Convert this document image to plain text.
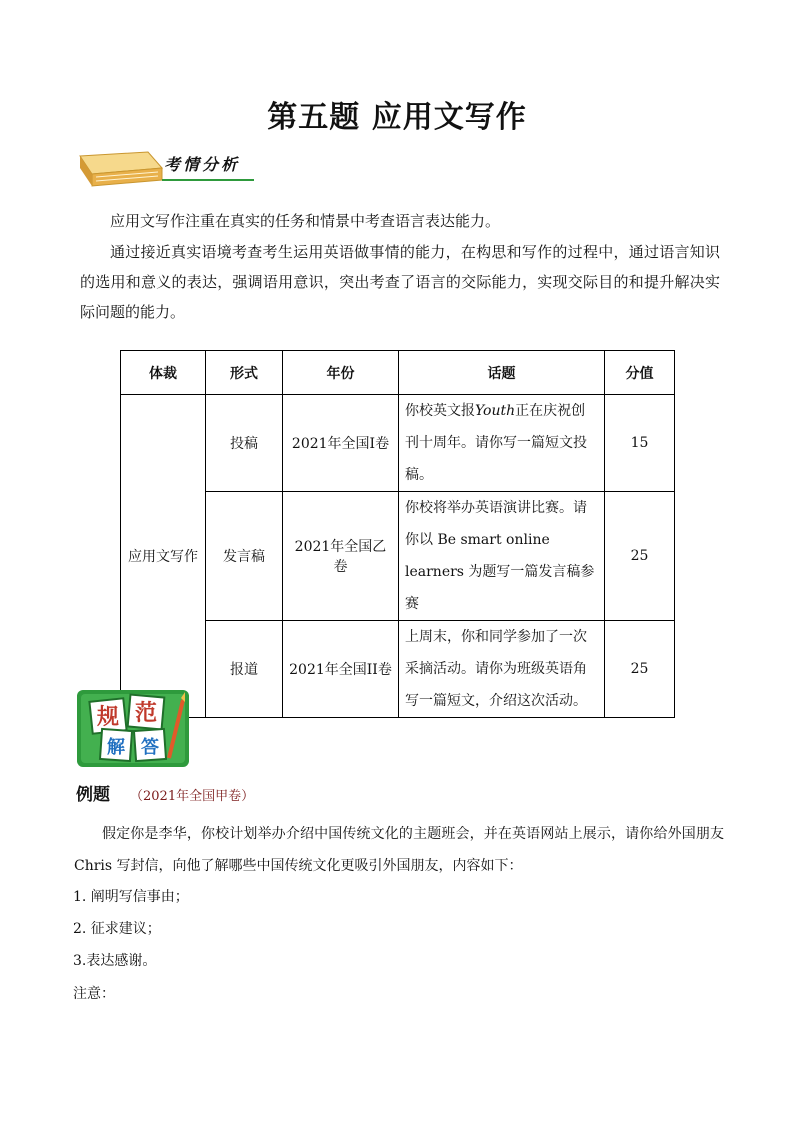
第五题 应用文写作
考情分析

应用文写作注重在真实的任务和情景中考查语言表达能力。

通过接近真实语境考查考生运用英语做事情的能力，在构思和写作的过程中，通过语言知识的选用和意义的表达，强调语用意识，突出考查了语言的交际能力，实现交际目的和提升解决实际问题的能力。

体裁	形式	年份	话题	分值
应用文写作	投稿	2021年全国I卷	你校英文报Youth正在庆祝创刊十周年。请你写一篇短文投稿。	15
	发言稿	2021年全国乙卷	你校将举办英语演讲比赛。请你以 Be smart online learners 为题写一篇发言稿参赛	25
	报道	2021年全国II卷	上周末，你和同学参加了一次采摘活动。请你为班级英语角写一篇短文，介绍这次活动。	25
规 范
解 答
例题 （2021年全国甲卷）

假定你是李华，你校计划举办介绍中国传统文化的主题班会，并在英语网站上展示，请你给外国朋友Chris 写封信，向他了解哪些中国传统文化更吸引外国朋友，内容如下：

1. 阐明写信事由；
2. 征求建议；
3.表达感谢。
注意：
